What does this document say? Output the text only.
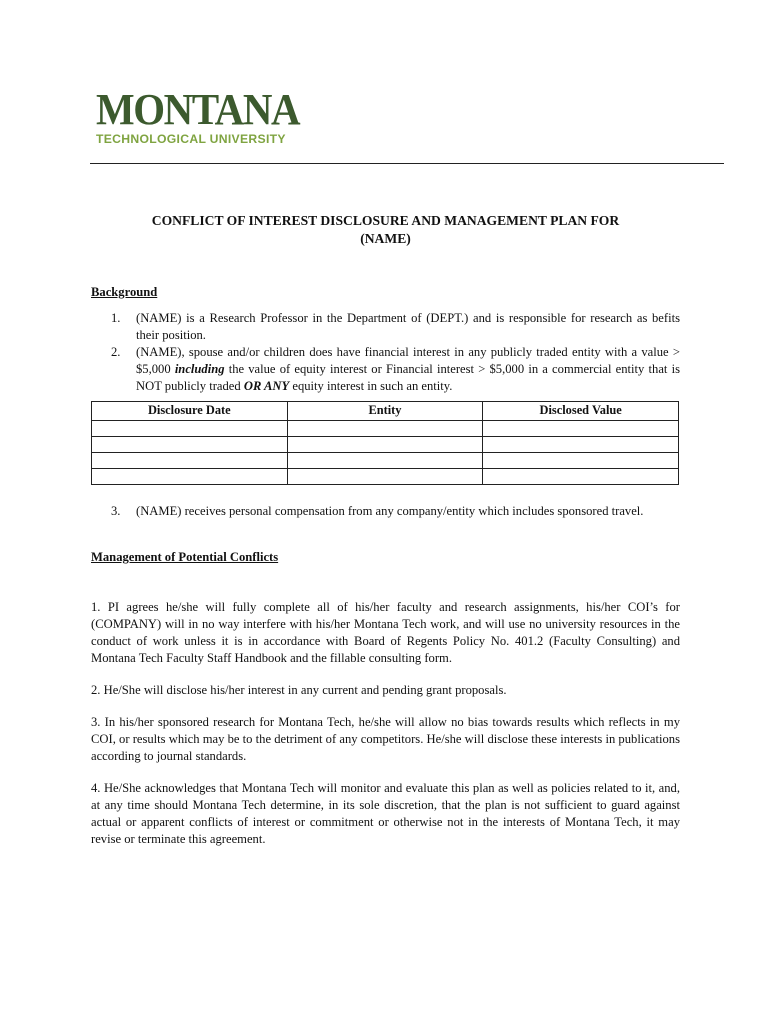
MONTANA
TECHNOLOGICAL UNIVERSITY
CONFLICT OF INTEREST DISCLOSURE AND MANAGEMENT PLAN FOR
(NAME)
Background
1.	(NAME) is a Research Professor in the Department of (DEPT.) and is responsible for research as befits their position.
2.	(NAME), spouse and/or children does have financial interest in any publicly traded entity with a value > $5,000 including the value of equity interest or Financial interest > $5,000 in a commercial entity that is NOT publicly traded OR ANY equity interest in such an entity.
Disclosure Date	Entity	Disclosed Value

3.	(NAME) receives personal compensation from any company/entity which includes sponsored travel.
Management of Potential Conflicts

1. PI agrees he/she will fully complete all of his/her faculty and research assignments, his/her COI’s for (COMPANY) will in no way interfere with his/her Montana Tech work, and will use no university resources in the conduct of work unless it is in accordance with Board of Regents Policy No. 401.2 (Faculty Consulting) and Montana Tech Faculty Staff Handbook and the fillable consulting form.

2. He/She will disclose his/her interest in any current and pending grant proposals.

3. In his/her sponsored research for Montana Tech, he/she will allow no bias towards results which reflects in my COI, or results which may be to the detriment of any competitors. He/she will disclose these interests in publications according to journal standards.

4. He/She acknowledges that Montana Tech will monitor and evaluate this plan as well as policies related to it, and, at any time should Montana Tech determine, in its sole discretion, that the plan is not sufficient to guard against actual or apparent conflicts of interest or commitment or otherwise not in the interests of Montana Tech, it may revise or terminate this agreement.
